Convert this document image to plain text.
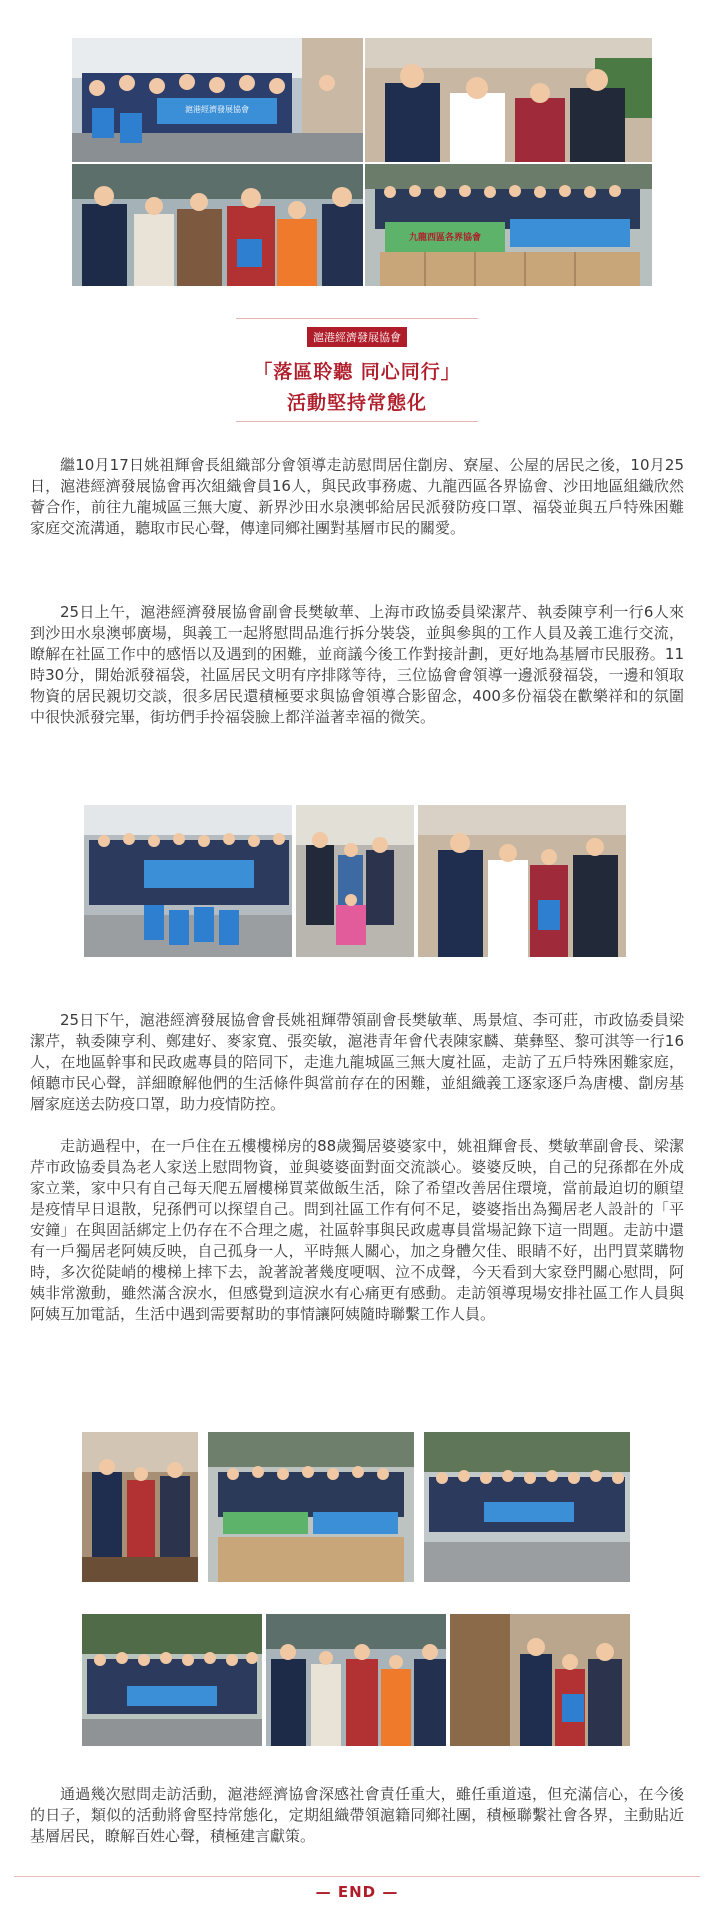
滬港經濟發展協會
九龍西區各界協會
滬港經濟發展協會
「落區聆聽 同心同行」
活動堅持常態化

繼10月17日姚祖輝會長組織部分會領導走訪慰問居住劏房、寮屋、公屋的居民之後，10月25日，滬港經濟發展協會再次組織會員16人，與民政事務處、九龍西區各界協會、沙田地區組織欣然薈合作，前往九龍城區三無大廈、新界沙田水泉澳邨給居民派發防疫口罩、福袋並與五戶特殊困難家庭交流溝通，聽取市民心聲，傳達同鄉社團對基層市民的關愛。

25日上午，滬港經濟發展協會副會長樊敏華、上海市政協委員梁潔芹、執委陳亨利一行6人來到沙田水泉澳邨廣場，與義工一起將慰問品進行拆分裝袋，並與參與的工作人員及義工進行交流，瞭解在社區工作中的感悟以及遇到的困難，並商議今後工作對接計劃，更好地為基層市民服務。11時30分，開始派發福袋，社區居民文明有序排隊等待，三位協會會領導一邊派發福袋，一邊和領取物資的居民親切交談，很多居民還積極要求與協會領導合影留念，400多份福袋在歡樂祥和的氛圍中很快派發完畢，街坊們手拎福袋臉上都洋溢著幸福的微笑。

25日下午，滬港經濟發展協會會長姚祖輝帶領副會長樊敏華、馬景煊、李可莊，市政協委員梁潔芹，執委陳亨利、鄭建好、麥家寬、張奕敏，滬港青年會代表陳家麟、葉彝堅、黎可淇等一行16人，在地區幹事和民政處專員的陪同下，走進九龍城區三無大廈社區，走訪了五戶特殊困難家庭，傾聽市民心聲，詳細瞭解他們的生活條件與當前存在的困難，並組織義工逐家逐戶為唐樓、劏房基層家庭送去防疫口罩，助力疫情防控。

走訪過程中，在一戶住在五樓樓梯房的88歲獨居婆婆家中，姚祖輝會長、樊敏華副會長、梁潔芹市政協委員為老人家送上慰問物資，並與婆婆面對面交流談心。婆婆反映，自己的兒孫都在外成家立業，家中只有自己每天爬五層樓梯買菜做飯生活，除了希望改善居住環境，當前最迫切的願望是疫情早日退散，兒孫們可以探望自己。問到社區工作有何不足，婆婆指出為獨居老人設計的「平安鐘」在與固話綁定上仍存在不合理之處，社區幹事與民政處專員當場記錄下這一問題。走訪中還有一戶獨居老阿姨反映，自己孤身一人，平時無人關心，加之身體欠佳、眼睛不好，出門買菜購物時，多次從陡峭的樓梯上摔下去，說著說著幾度哽咽、泣不成聲，今天看到大家登門關心慰問，阿姨非常激動，雖然滿含淚水，但感覺到這淚水有心痛更有感動。走訪領導現場安排社區工作人員與阿姨互加電話，生活中遇到需要幫助的事情讓阿姨隨時聯繫工作人員。

通過幾次慰問走訪活動，滬港經濟協會深感社會責任重大，雖任重道遠，但充滿信心，在今後的日子，類似的活動將會堅持常態化，定期組織帶領滬籍同鄉社團，積極聯繫社會各界，主動貼近基層居民，瞭解百姓心聲，積極建言獻策。

— END —
